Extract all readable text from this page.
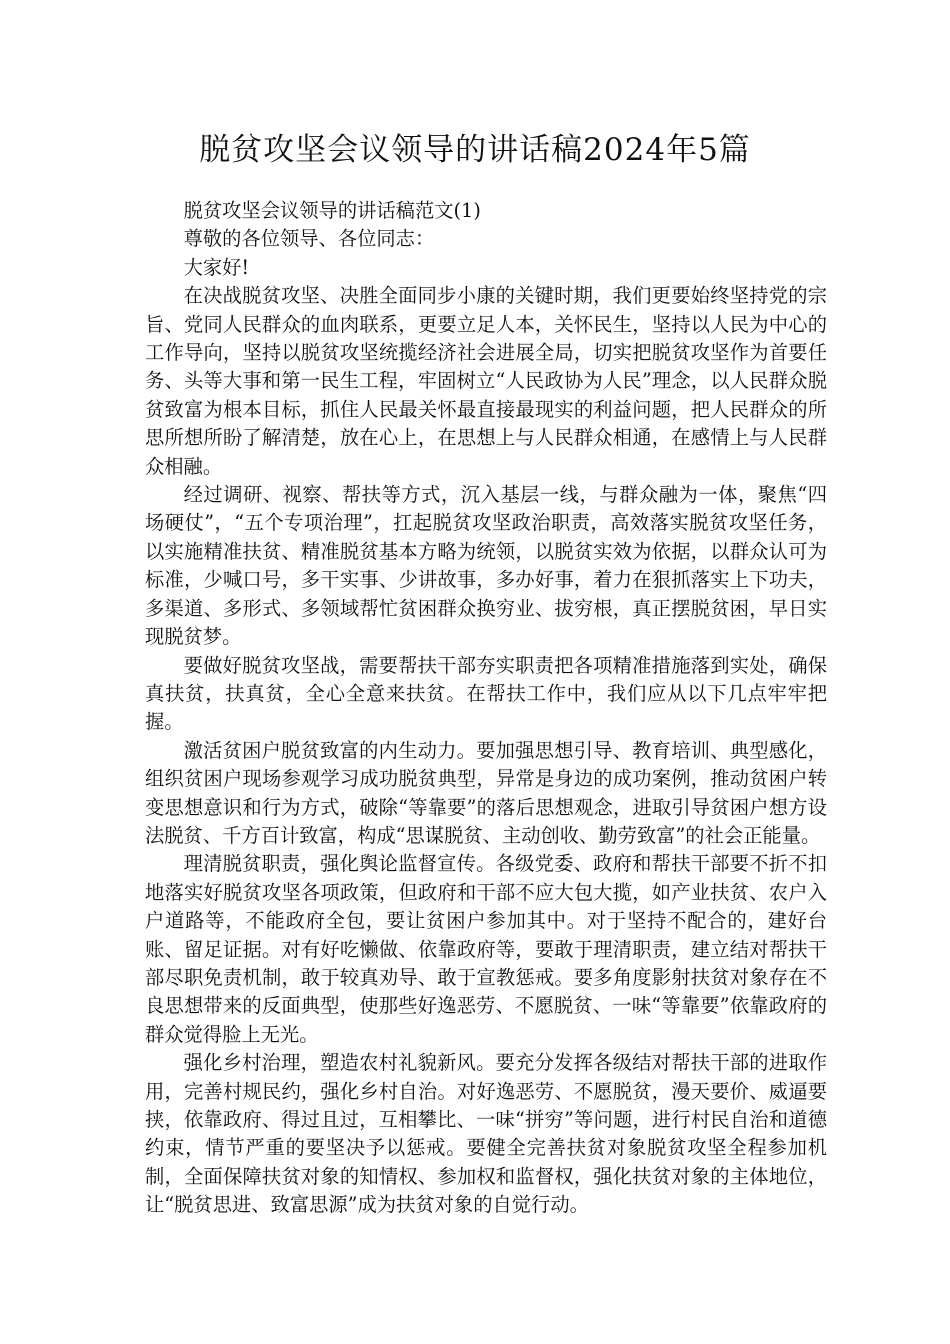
脱贫攻坚会议领导的讲话稿2024年5篇

脱贫攻坚会议领导的讲话稿范文(1)

尊敬的各位领导、各位同志：

大家好!

在决战脱贫攻坚、决胜全面同步小康的关键时期，我们更要始终坚持党的宗旨、党同人民群众的血肉联系，更要立足人本，关怀民生，坚持以人民为中心的工作导向，坚持以脱贫攻坚统揽经济社会进展全局，切实把脱贫攻坚作为首要任务、头等大事和第一民生工程，牢固树立“人民政协为人民”理念，以人民群众脱贫致富为根本目标，抓住人民最关怀最直接最现实的利益问题，把人民群众的所思所想所盼了解清楚，放在心上，在思想上与人民群众相通，在感情上与人民群众相融。

经过调研、视察、帮扶等方式，沉入基层一线，与群众融为一体，聚焦“四场硬仗”，“五个专项治理”，扛起脱贫攻坚政治职责，高效落实脱贫攻坚任务，以实施精准扶贫、精准脱贫基本方略为统领，以脱贫实效为依据，以群众认可为标准，少喊口号，多干实事、少讲故事，多办好事，着力在狠抓落实上下功夫，多渠道、多形式、多领域帮忙贫困群众换穷业、拔穷根，真正摆脱贫困，早日实现脱贫梦。

要做好脱贫攻坚战，需要帮扶干部夯实职责把各项精准措施落到实处，确保真扶贫，扶真贫，全心全意来扶贫。在帮扶工作中，我们应从以下几点牢牢把握。

激活贫困户脱贫致富的内生动力。要加强思想引导、教育培训、典型感化，组织贫困户现场参观学习成功脱贫典型，异常是身边的成功案例，推动贫困户转变思想意识和行为方式，破除“等靠要”的落后思想观念，进取引导贫困户想方设法脱贫、千方百计致富，构成“思谋脱贫、主动创收、勤劳致富”的社会正能量。

理清脱贫职责，强化舆论监督宣传。各级党委、政府和帮扶干部要不折不扣地落实好脱贫攻坚各项政策，但政府和干部不应大包大揽，如产业扶贫、农户入户道路等，不能政府全包，要让贫困户参加其中。对于坚持不配合的，建好台账、留足证据。对有好吃懒做、依靠政府等，要敢于理清职责，建立结对帮扶干部尽职免责机制，敢于较真劝导、敢于宣教惩戒。要多角度影射扶贫对象存在不良思想带来的反面典型，使那些好逸恶劳、不愿脱贫、一味“等靠要”依靠政府的群众觉得脸上无光。

强化乡村治理，塑造农村礼貌新风。要充分发挥各级结对帮扶干部的进取作用，完善村规民约，强化乡村自治。对好逸恶劳、不愿脱贫，漫天要价、威逼要挟，依靠政府、得过且过，互相攀比、一味“拼穷”等问题，进行村民自治和道德约束，情节严重的要坚决予以惩戒。要健全完善扶贫对象脱贫攻坚全程参加机制，全面保障扶贫对象的知情权、参加权和监督权，强化扶贫对象的主体地位，让“脱贫思进、致富思源”成为扶贫对象的自觉行动。
